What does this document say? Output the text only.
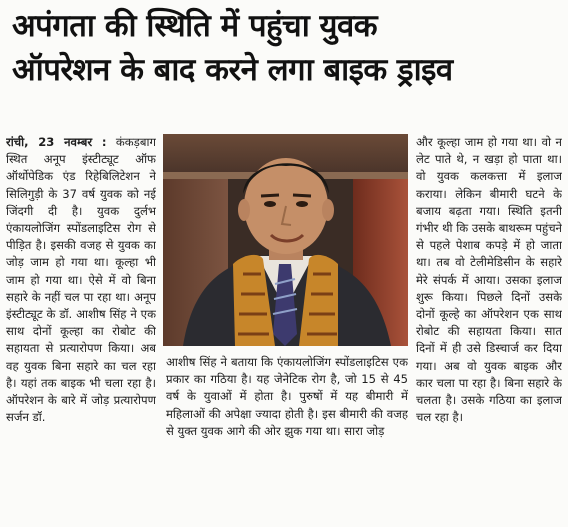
अपंगता की स्थिति में पहुंचा युवक
ऑपरेशन के बाद करने लगा बाइक ड्राइव

रांची, 23 नवम्बर : कंकड़बाग स्थित अनूप इंस्टीट्यूट ऑफ ऑर्थोपेडिक एंड रिहेबिलिटेशन ने सिलिगुड़ी के 37 वर्ष युवक को नई जिंदगी दी है। युवक दुर्लभ एंकायलोजिंग स्पोंडलाइटिस रोग से पीड़ित है। इसकी वजह से युवक का जोड़ जाम हो गया था। कूल्हा भी जाम हो गया था। ऐसे में वो बिना सहारे के नहीं चल पा रहा था। अनूप इंस्टीट्यूट के डॉ. आशीष सिंह ने एक साथ दोनों कूल्हा का रोबोट की सहायता से प्रत्यारोपण किया। अब वह युवक बिना सहारे का चल रहा है। यहां तक बाइक भी चला रहा है। ऑपरेशन के बारे में जोड़ प्रत्यारोपण सर्जन डॉ.

आशीष सिंह ने बताया कि एंकायलोजिंग स्पोंडलाइटिस एक प्रकार का गठिया है। यह जेनेटिक रोग है, जो 15 से 45 वर्ष के युवाओं में होता है। पुरुषों में यह बीमारी में महिलाओं की अपेक्षा ज्यादा होती है। इस बीमारी की वजह से युक्त युवक आगे की ओर झुक गया था। सारा जोड़

और कूल्हा जाम हो गया था। वो न लेट पाते थे, न खड़ा हो पाता था। वो युवक कलकत्ता में इलाज कराया। लेकिन बीमारी घटने के बजाय बढ़ता गया। स्थिति इतनी गंभीर थी कि उसके बाथरूम पहुंचने से पहले पेशाब कपड़े में हो जाता था। तब वो टेलीमेडिसीन के सहारे मेरे संपर्क में आया। उसका इलाज शुरू किया। पिछले दिनों उसके दोनों कूल्हे का ऑपरेशन एक साथ रोबोट की सहायता किया। सात दिनों में ही उसे डिस्चार्ज कर दिया गया। अब वो युवक बाइक और कार चला पा रहा है। बिना सहारे के चलता है। उसके गठिया का इलाज चल रहा है।
